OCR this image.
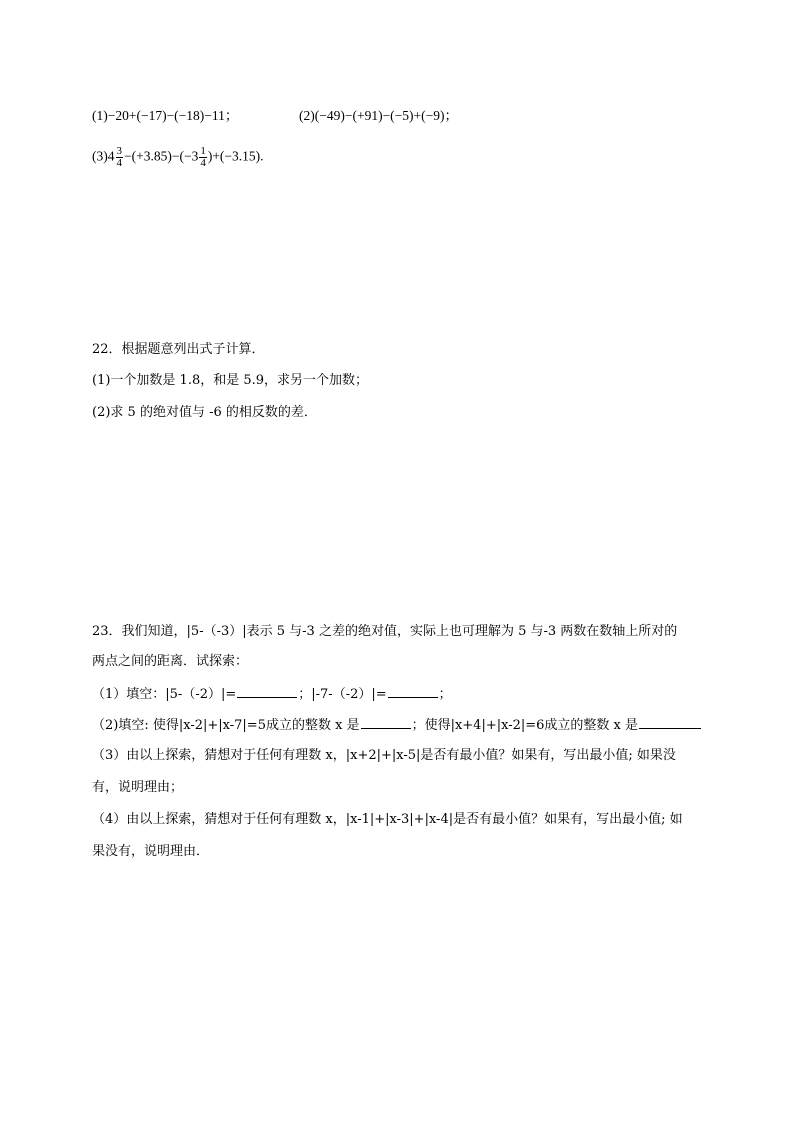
(1)−20+(−17)−(−18)−11；	(2)(−49)−(+91)−(−5)+(−9)；
$(3)4 \frac{3}{4} -(+3.85)-(-3 \frac{1}{4} )+(-3.15)$.
22．根据题意列出式子计算．
(1)一个加数是 1.8，和是 5.9，求另一个加数；
(2)求 5 的绝对值与 -6 的相反数的差．
23．我们知道，|5-（-3）|表示 5 与-3 之差的绝对值，实际上也可理解为 5 与-3 两数在数轴上所对的
两点之间的距离．试探索：
（1）填空：|5-（-2）|=	；|-7-（-2）|=	；
（2)填空: 使得|x-2|+|x-7|=5成立的整数 x 是	；使得|x+4|+|x-2|=6成立的整数 x 是
（3）由以上探索，猜想对于任何有理数 x，|x+2|+|x-5|是否有最小值？如果有，写出最小值; 如果没
有，说明理由；
（4）由以上探索，猜想对于任何有理数 x，|x-1|+|x-3|+|x-4|是否有最小值？如果有，写出最小值; 如
果没有，说明理由．
